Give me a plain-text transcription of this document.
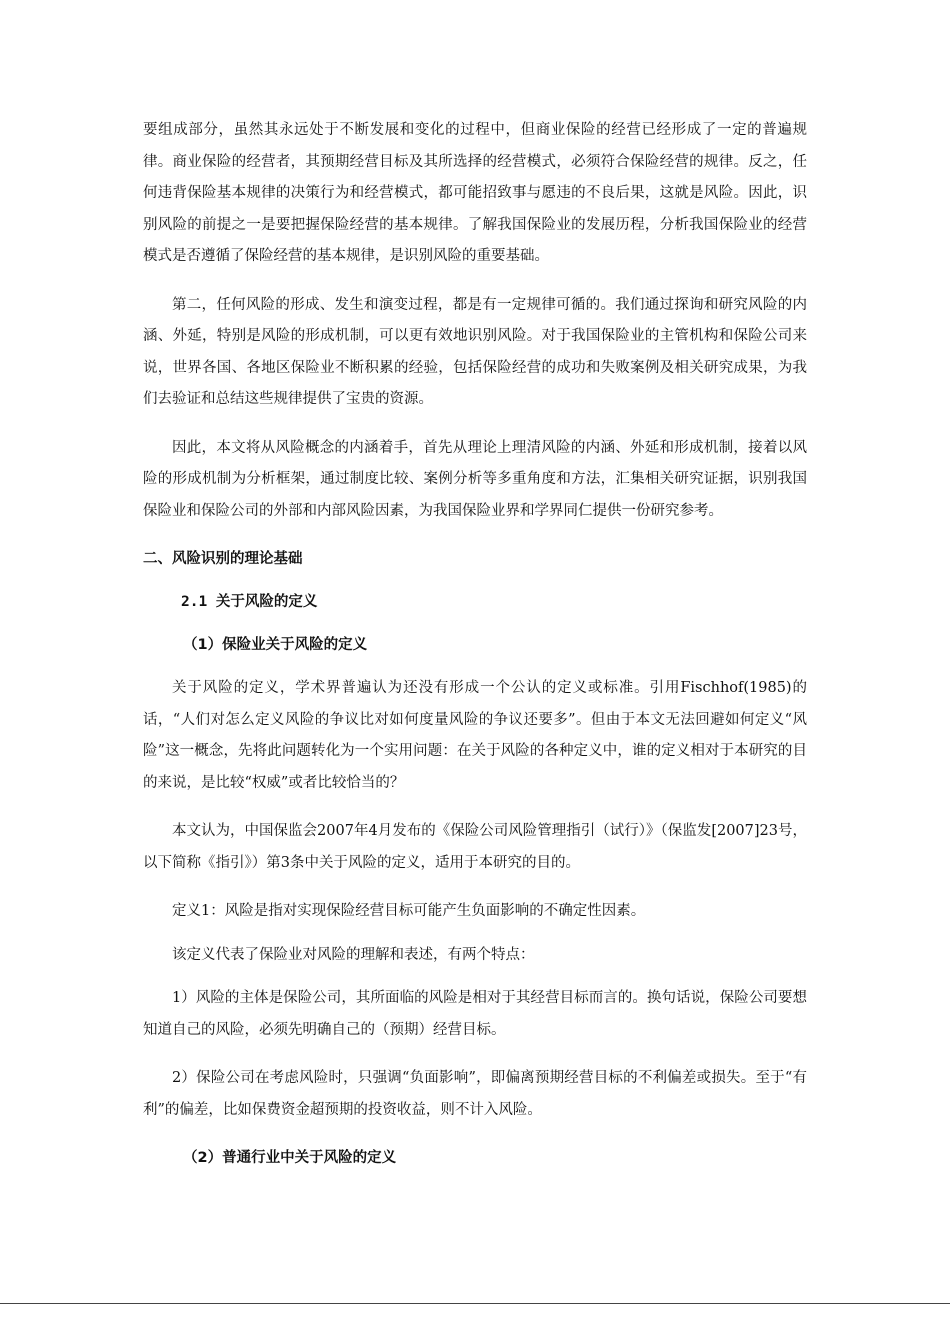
要组成部分，虽然其永远处于不断发展和变化的过程中，但商业保险的经营已经形成了一定的普遍规律。商业保险的经营者，其预期经营目标及其所选择的经营模式，必须符合保险经营的规律。反之，任何违背保险基本规律的决策行为和经营模式，都可能招致事与愿违的不良后果，这就是风险。因此，识别风险的前提之一是要把握保险经营的基本规律。了解我国保险业的发展历程，分析我国保险业的经营模式是否遵循了保险经营的基本规律，是识别风险的重要基础。

第二，任何风险的形成、发生和演变过程，都是有一定规律可循的。我们通过探询和研究风险的内涵、外延，特别是风险的形成机制，可以更有效地识别风险。对于我国保险业的主管机构和保险公司来说，世界各国、各地区保险业不断积累的经验，包括保险经营的成功和失败案例及相关研究成果，为我们去验证和总结这些规律提供了宝贵的资源。

因此，本文将从风险概念的内涵着手，首先从理论上理清风险的内涵、外延和形成机制，接着以风险的形成机制为分析框架，通过制度比较、案例分析等多重角度和方法，汇集相关研究证据，识别我国保险业和保险公司的外部和内部风险因素，为我国保险业界和学界同仁提供一份研究参考。

二、风险识别的理论基础
2.1 关于风险的定义
（1）保险业关于风险的定义

关于风险的定义，学术界普遍认为还没有形成一个公认的定义或标准。引用Fischhof(1985)的话，“人们对怎么定义风险的争议比对如何度量风险的争议还要多”。但由于本文无法回避如何定义“风险”这一概念，先将此问题转化为一个实用问题：在关于风险的各种定义中，谁的定义相对于本研究的目的来说，是比较“权威”或者比较恰当的？

本文认为，中国保监会2007年4月发布的《保险公司风险管理指引（试行）》（保监发[2007]23号，以下简称《指引》）第3条中关于风险的定义，适用于本研究的目的。

定义1：风险是指对实现保险经营目标可能产生负面影响的不确定性因素。

该定义代表了保险业对风险的理解和表述，有两个特点：

1）风险的主体是保险公司，其所面临的风险是相对于其经营目标而言的。换句话说，保险公司要想知道自己的风险，必须先明确自己的（预期）经营目标。

2）保险公司在考虑风险时，只强调“负面影响”，即偏离预期经营目标的不利偏差或损失。至于“有利”的偏差，比如保费资金超预期的投资收益，则不计入风险。

（2）普通行业中关于风险的定义
